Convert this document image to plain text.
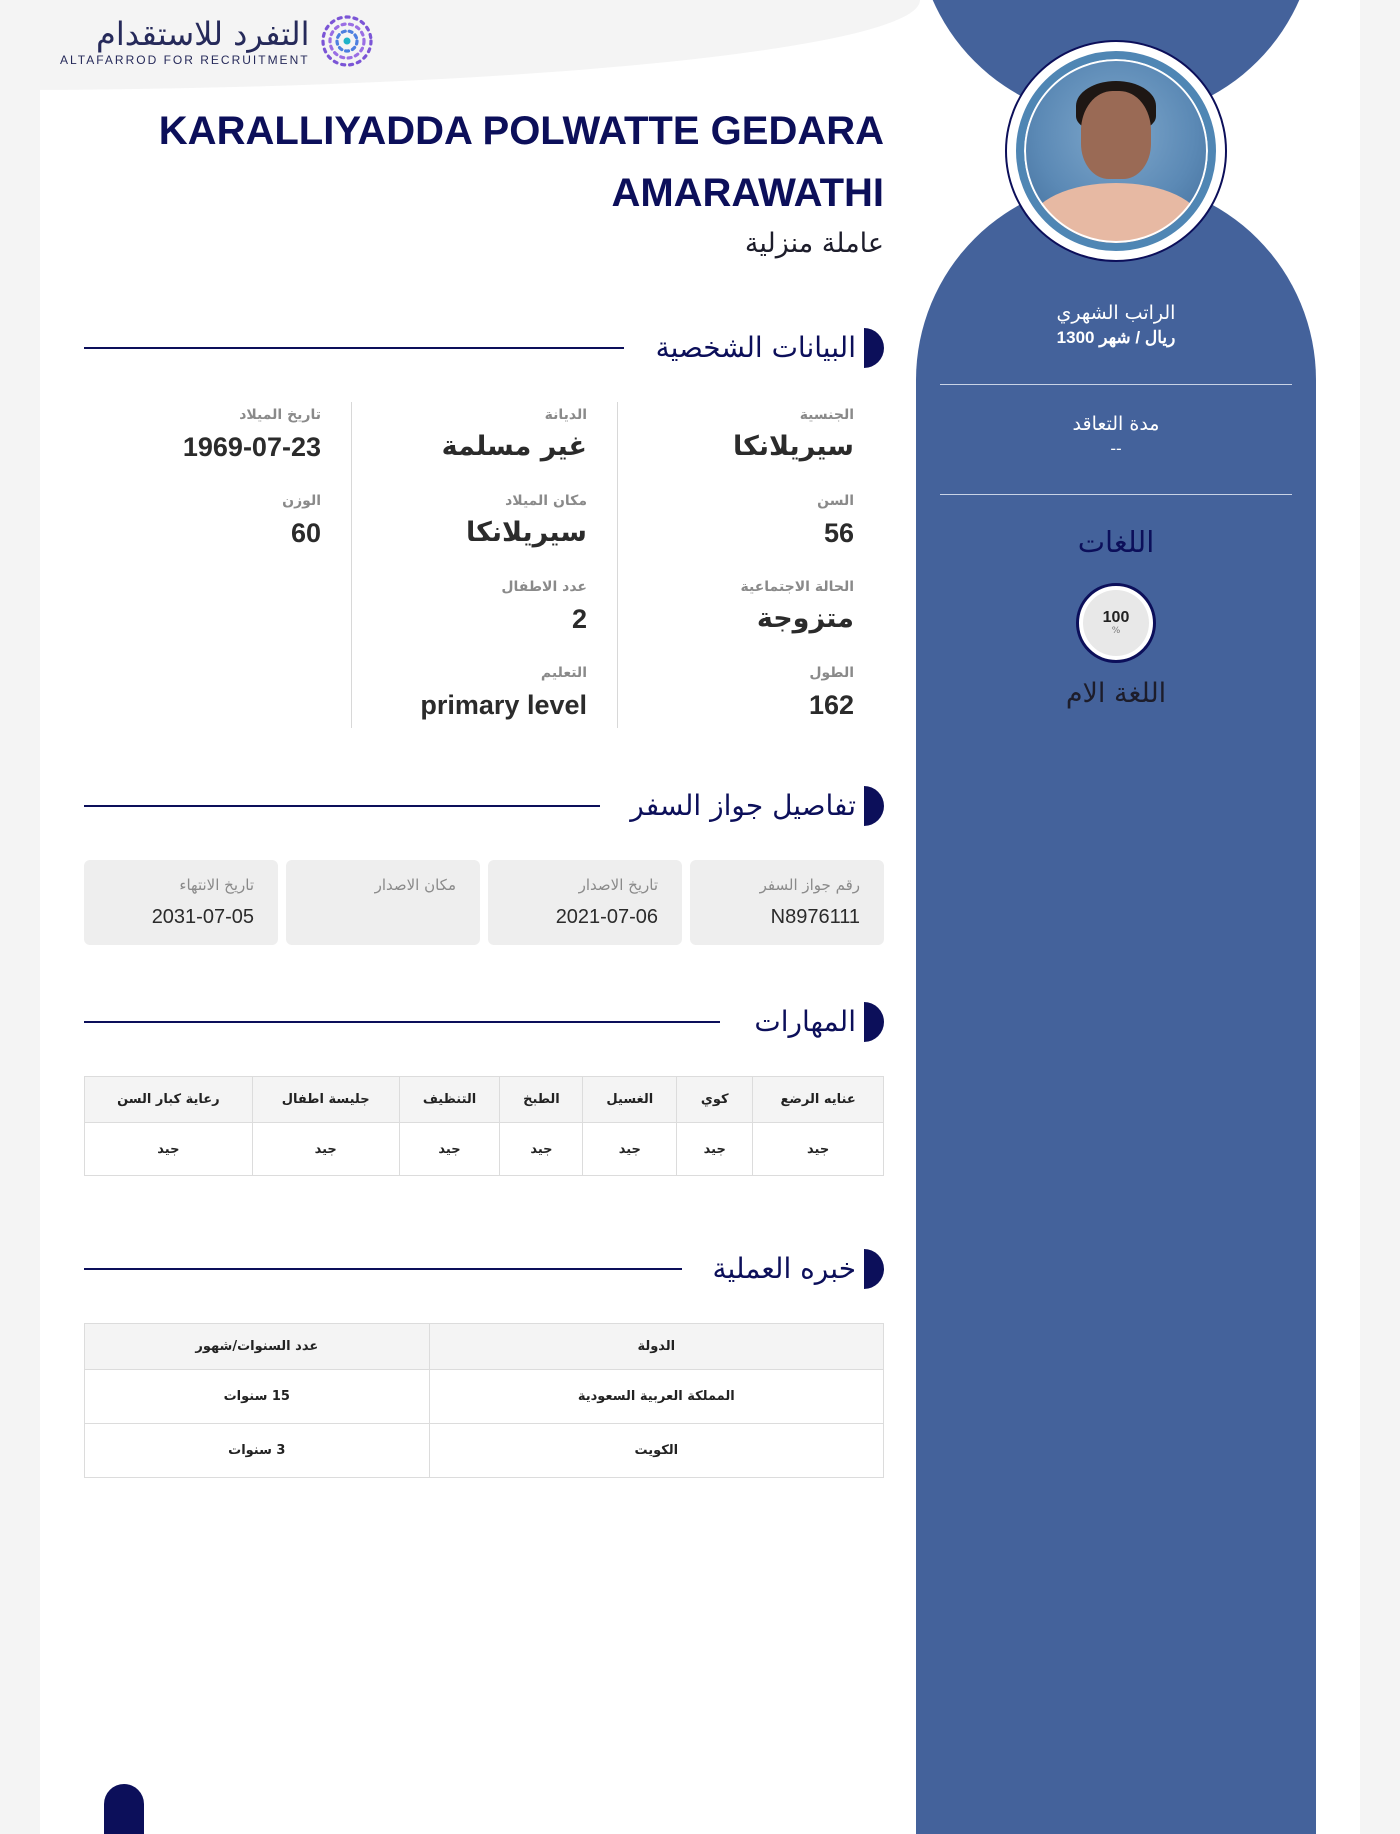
التفرد للاستقدام
ALTAFARROD FOR RECRUITMENT
الراتب الشهري
1300 ريال / شهر
مدة التعاقد
--
اللغات
100
%
اللغة الام
KARALLIYADDA POLWATTE GEDARA AMARAWATHI
عاملة منزلية
البيانات الشخصية
الجنسية
سيريلانكا
السن
56
الحالة الاجتماعية
متزوجة
الطول
162
الديانة
غير مسلمة
مكان الميلاد
سيريلانكا
عدد الاطفال
2
التعليم
primary level
تاريخ الميلاد
1969-07-23
الوزن
60
تفاصيل جواز السفر
رقم جواز السفر
N8976111
تاريخ الاصدار
2021-07-06
مكان الاصدار
تاريخ الانتهاء
2031-07-05
المهارات
عنايه الرضع	كوي	الغسيل	الطبخ	التنظيف	جليسة اطفال	رعاية كبار السن
جيد	جيد	جيد	جيد	جيد	جيد	جيد
خبره العملية
الدولة	عدد السنوات/شهور
المملكة العربية السعودية	15 سنوات
الكويت	3 سنوات
